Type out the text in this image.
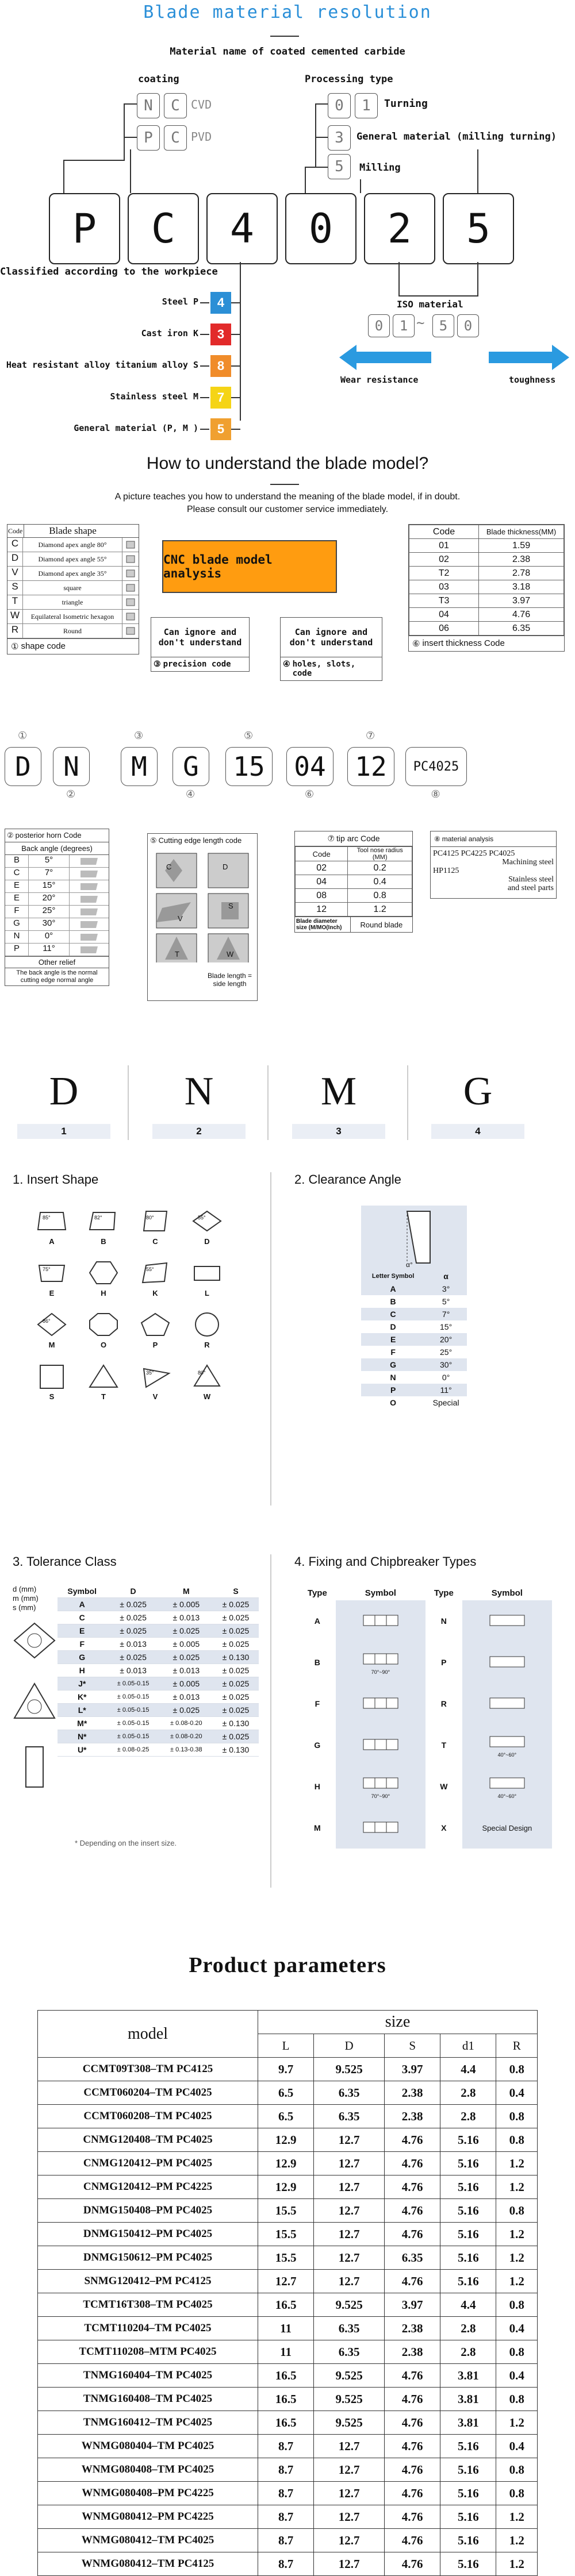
Blade material resolution
Material name of coated cemented carbide
coating	Processing type
N	C CVD
P	C PVD
0	1	Turning
3	General material (milling turning)
5	Milling
P	C	4	0	2	5
Classified according to the workpiece
Steel P	4
Cast iron K	3
Heat resistant alloy titanium alloy S	8
Stainless steel M	7
General material (P, M )	5
ISO material
0	1 ~	5	0
Wear resistance	toughness
How to understand the blade model?
A picture teaches you how to understand the meaning of the blade model, if in doubt.
Please consult our customer service immediately.
Code	Blade shape	
C	Diamond apex angle 80°
D	Diamond apex angle 55°
V	Diamond apex angle 35°
S	square
T	triangle
W	Equilateral Isometric hexagon
R	Round
① shape code
CNC blade model analysis
Can ignore and don't understand
③ precision code
Can ignore and don't understand
④ holes, slots, code
Code	Blade thickness(MM)
01	1.59
02	2.38
T2	2.78
03	3.18
T3	3.97
04	4.76
06	6.35
⑥ insert thickness Code
D
①
N
②
M
③
G
④
15
⑤
04
⑥
12
⑦
PC4025
⑧
② posterior horn Code
Back angle (degrees)
B	5°
C	7°
E	15°
E	20°
F	25°
G	30°
N	0°
P	11°
Other relief
The back angle is the normal cutting edge normal angle
⑤ Cutting edge length code
C	D
V
S
T	W
Blade length = side length
⑦ tip arc Code
Code	Tool nose radius (MM)
02	0.2
04	0.4
08	0.8
12	1.2
Blade diameter size (M/MO(Inch)	Round blade
⑧ material analysis
PC4125 PC4225 PC4025
Machining steel
HP1125
Stainless steel
and steel parts
D
1
N
2
M
3
G
4
1. Insert Shape	2. Clearance Angle
85°
A
82°
B
80°
C
55°
D
75°
E	H
55°
K	L
86°
M	O	P	R
S	T
35°
V
80°
W
α°
Letter Symbol	α
A	3°
B	5°
C	7°
D	15°
E	20°
F	25°
G	30°
N	0°
P	11°
O	Special
3. Tolerance Class	4. Fixing and Chipbreaker Types
d (mm)
m (mm)
s (mm)
Symbol	D	M	S
A	± 0.025	± 0.005	± 0.025
C	± 0.025	± 0.013	± 0.025
E	± 0.025	± 0.025	± 0.025
F	± 0.013	± 0.005	± 0.025
G	± 0.025	± 0.025	± 0.130
H	± 0.013	± 0.013	± 0.025
J*	± 0.05-0.15	± 0.005	± 0.025
K*	± 0.05-0.15	± 0.013	± 0.025
L*	± 0.05-0.15	± 0.025	± 0.025
M*	± 0.05-0.15	± 0.08-0.20	± 0.130
N*	± 0.05-0.15	± 0.08-0.20	± 0.025
U*	± 0.08-0.25	± 0.13-0.38	± 0.130
* Depending on the insert size.
Type	Symbol	Type	Symbol
A		N	
B	70°~90°	P	
F		R	
G		T	40°~60°

H	70°~90°	W	40°~60°

M		X	Special Design
Product parameters
model	size				
	L	D	S	d1	R
CCMT09T308–TM PC4125	9.7	9.525	3.97	4.4	0.8
CCMT060204–TM PC4025	6.5	6.35	2.38	2.8	0.4
CCMT060208–TM PC4025	6.5	6.35	2.38	2.8	0.8
CNMG120408–TM PC4025	12.9	12.7	4.76	5.16	0.8
CNMG120412–PM PC4025	12.9	12.7	4.76	5.16	1.2
CNMG120412–PM PC4225	12.9	12.7	4.76	5.16	1.2
DNMG150408–PM PC4025	15.5	12.7	4.76	5.16	0.8
DNMG150412–PM PC4025	15.5	12.7	4.76	5.16	1.2
DNMG150612–PM PC4025	15.5	12.7	6.35	5.16	1.2
SNMG120412–PM PC4125	12.7	12.7	4.76	5.16	1.2
TCMT16T308–TM PC4025	16.5	9.525	3.97	4.4	0.8
TCMT110204–TM PC4025	11	6.35	2.38	2.8	0.4
TCMT110208–MTM PC4025	11	6.35	2.38	2.8	0.8
TNMG160404–TM PC4025	16.5	9.525	4.76	3.81	0.4
TNMG160408–TM PC4025	16.5	9.525	4.76	3.81	0.8
TNMG160412–TM PC4025	16.5	9.525	4.76	3.81	1.2
WNMG080404–TM PC4025	8.7	12.7	4.76	5.16	0.4
WNMG080408–TM PC4025	8.7	12.7	4.76	5.16	0.8
WNMG080408–PM PC4225	8.7	12.7	4.76	5.16	0.8
WNMG080412–PM PC4225	8.7	12.7	4.76	5.16	1.2
WNMG080412–TM PC4025	8.7	12.7	4.76	5.16	1.2
WNMG080412–TM PC4125	8.7	12.7	4.76	5.16	1.2
